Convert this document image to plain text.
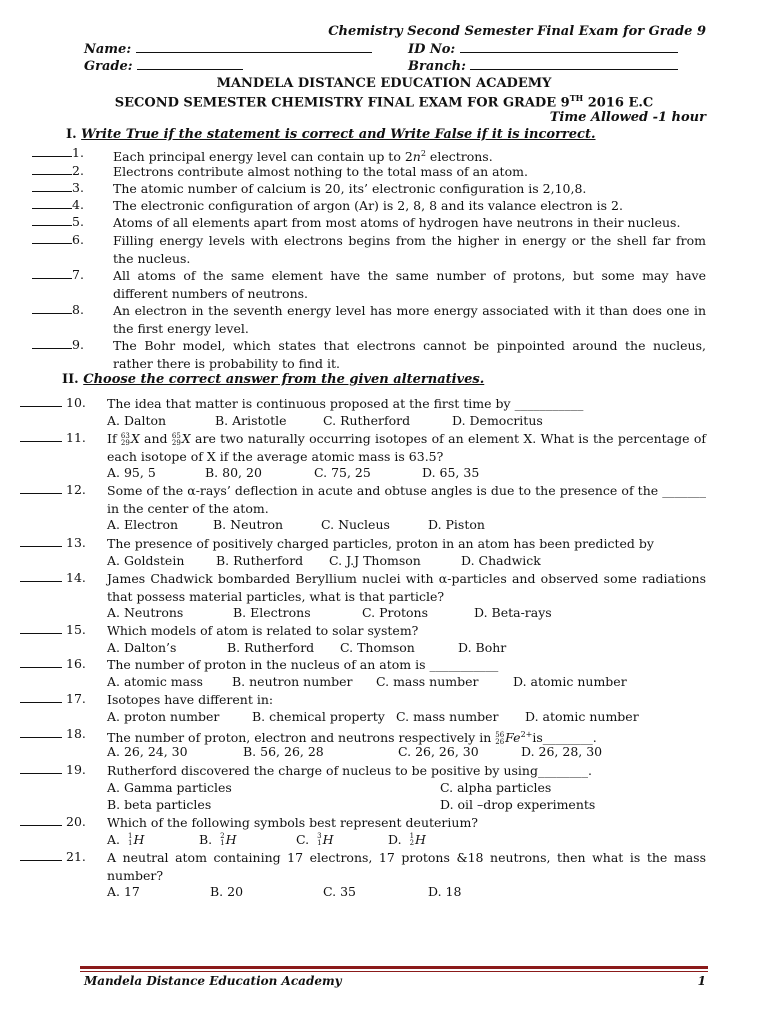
Chemistry Second Semester Final Exam for Grade 9
Name:	ID No:
Grade:	Branch:
MANDELA DISTANCE EDUCATION ACADEMY
SECOND SEMESTER CHEMISTRY FINAL EXAM FOR GRADE 9TH 2016 E.C
Time Allowed -1 hour
I. Write True if the statement is correct and Write False if it is incorrect.
1. Each principal energy level can contain up to $2n^2$ electrons.
2. Electrons contribute almost nothing to the total mass of an atom.
3. The atomic number of calcium is 20, its’ electronic configuration is 2,10,8.
4. The electronic configuration of argon (Ar) is 2, 8, 8 and its valance electron is 2.
5. Atoms of all elements apart from most atoms of hydrogen have neutrons in their nucleus.
6. Filling energy levels with electrons begins from the higher in energy or the shell far from the nucleus.
7. All atoms of the same element have the same number of protons, but some may have different numbers of neutrons.
8. An electron in the seventh energy level has more energy associated with it than does one in the first energy level.
9. The Bohr model, which states that electrons cannot be pinpointed around the nucleus, rather there is probability to find it.
II. Choose the correct answer from the given alternatives.
10. The idea that matter is continuous proposed at the first time by ___________
A. Dalton	B. Aristotle	C. Rutherford	D. Democritus
11. If 63
29X and 65
29X are two naturally occurring isotopes of an element X. What is the percentage of each isotope of X if the average atomic mass is 63.5?
A. 95, 5	B. 80, 20	C. 75, 25	D. 65, 35
12. Some of the α-rays’ deflection in acute and obtuse angles is due to the presence of the _______ in the center of the atom.
A. Electron	B. Neutron	C. Nucleus	D. Piston
13. The presence of positively charged particles, proton in an atom has been predicted by
A. Goldstein	B. Rutherford C. J.J Thomson	D. Chadwick
14. James Chadwick bombarded Beryllium nuclei with α-particles and observed some radiations that possess material particles, what is that particle?
A. Neutrons	B. Electrons	C. Protons	D. Beta-rays
15. Which models of atom is related to solar system?
A. Dalton’s	B. Rutherford C. Thomson	D. Bohr
16. The number of proton in the nucleus of an atom is ___________
A. atomic mass B. neutron number C. mass number	D. atomic number
17. Isotopes have different in:
A. proton number	B. chemical property C. mass number D. atomic number
18. The number of proton, electron and neutrons respectively in 56
$26Fe^{2+}is\_\_\_\_\_\_\_\_$.
A. 26, 24, 30	B. 56, 26, 28	C. 26, 26, 30	D. 26, 28, 30
19. Rutherford discovered the charge of nucleus to be positive by using________.
A. Gamma particles	C. alpha particles
B. beta particles	D. oil –drop experiments
20. Which of the following symbols best represent deuterium?
A. 1
1H	B. 2
1H	C. 3
1H	D. 1
2H
21. A neutral atom containing 17 electrons, 17 protons &18 neutrons, then what is the mass number?
A. 17	B. 20	C. 35	D. 18
Mandela Distance Education Academy	1
